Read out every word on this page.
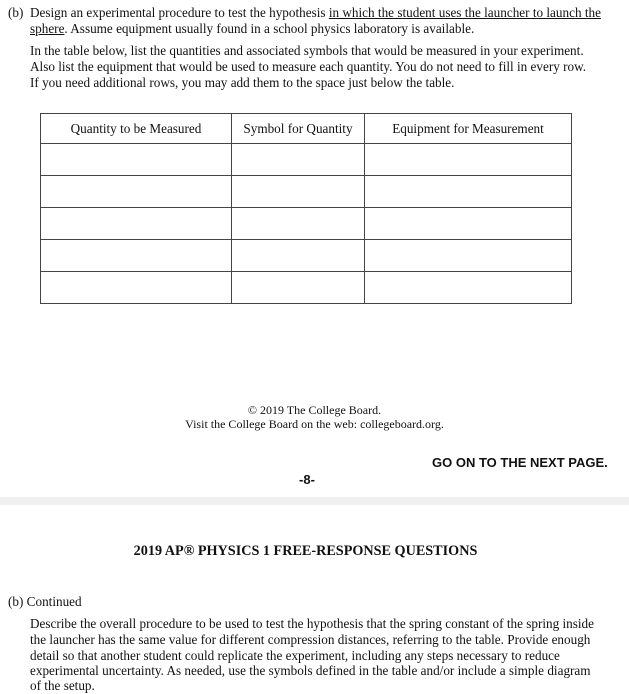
(b) Design an experimental procedure to test the hypothesis in which the student uses the launcher to launch the
sphere. Assume equipment usually found in a school physics laboratory is available.
In the table below, list the quantities and associated symbols that would be measured in your experiment.
Also list the equipment that would be used to measure each quantity. You do not need to fill in every row.
If you need additional rows, you may add them to the space just below the table.
Quantity to be Measured	Symbol for Quantity	Equipment for Measurement

© 2019 The College Board.
Visit the College Board on the web: collegeboard.org.
GO ON TO THE NEXT PAGE.
-8-
2019 AP® PHYSICS 1 FREE-RESPONSE QUESTIONS
(b) Continued
Describe the overall procedure to be used to test the hypothesis that the spring constant of the spring inside
the launcher has the same value for different compression distances, referring to the table. Provide enough
detail so that another student could replicate the experiment, including any steps necessary to reduce
experimental uncertainty. As needed, use the symbols defined in the table and/or include a simple diagram
of the setup.
